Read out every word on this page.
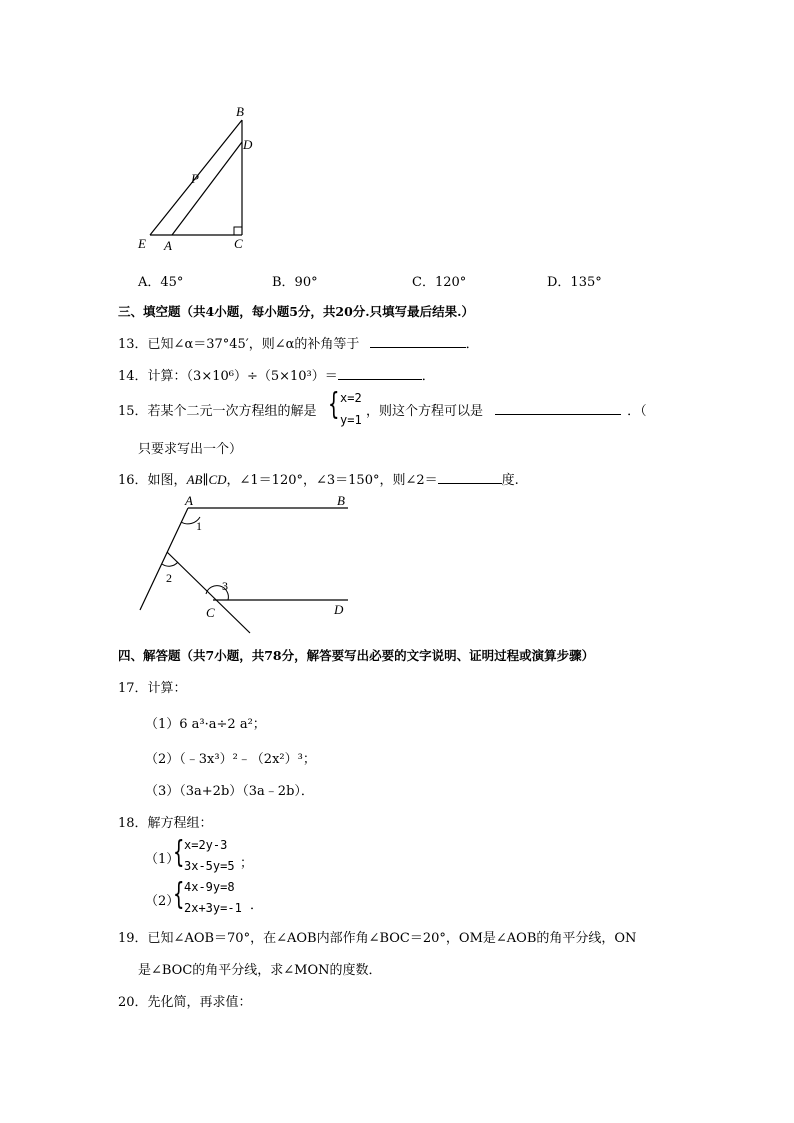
B
D
P
E A	C
A．45°	B．90°	C．120°	D．135°
三、填空题（共4小题，每小题5分，共20分.只填写最后结果.）
13．已知∠α＝37°45′，则∠α的补角等于	．
14．计算：（3×10⁶）÷（5×10³）＝	．
15．若某个二元一次方程组的解是 { x=2
y=1
，则这个方程可以是	．（
只要求写出一个）
16．如图，AB∥CD，∠1＝120°，∠3＝150°，则∠2＝	度.
A	B
C	D
1
2
3
四、解答题（共7小题，共78分，解答要写出必要的文字说明、证明过程或演算步骤）
17．计算：
（1）6 a³·a÷2 a²；
（2）（﹣3x³）²﹣（2x²）³；
（3）（3a+2b）（3a﹣2b）．
18．解方程组：
（1）
{ x=2y-3
3x-5y=5 ；
（2）
{ 4x-9y=8
2x+3y=-1 ．
19．已知∠AOB＝70°，在∠AOB内部作角∠BOC＝20°，OM是∠AOB的角平分线，ON
是∠BOC的角平分线，求∠MON的度数．
20．先化简，再求值：
